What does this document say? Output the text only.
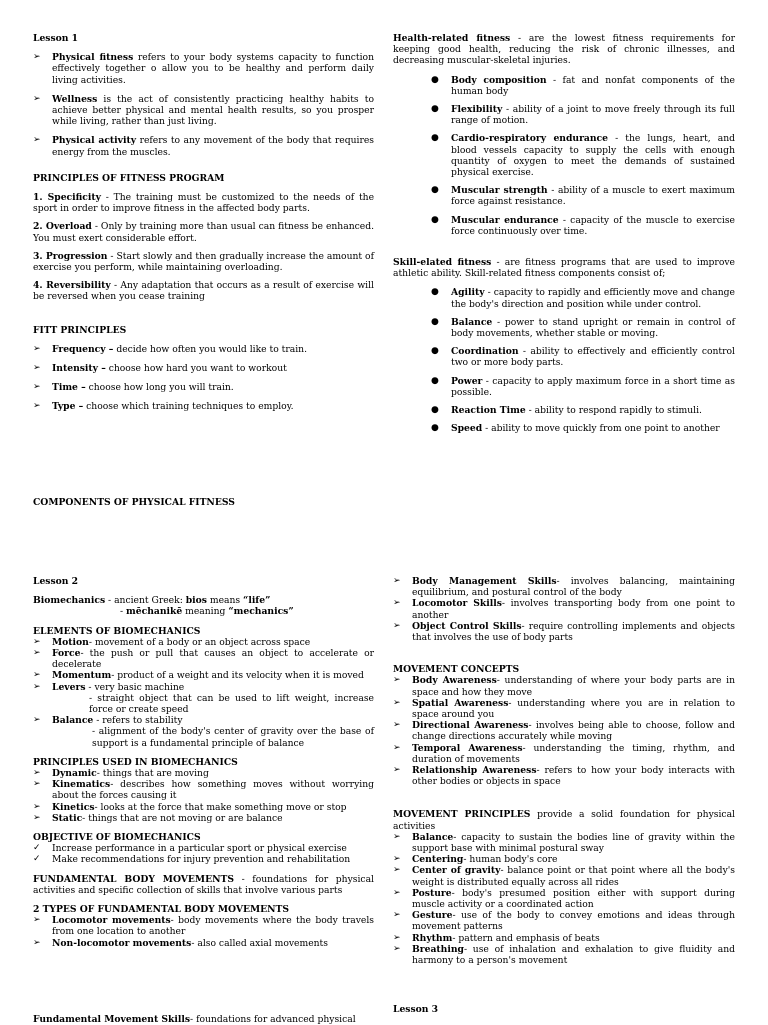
Lesson 1

➢ Physical fitness refers to your body systems capacity to function effectively together o allow you to be healthy and perform daily living activities.
➢ Wellness is the act of consistently practicing healthy habits to achieve better physical and mental health results, so you prosper while living, rather than just living.
➢ Physical activity refers to any movement of the body that requires energy from the muscles.

PRINCIPLES OF FITNESS PROGRAM

1. Specificity - The training must be customized to the needs of the sport in order to improve fitness in the affected body parts.

2. Overload - Only by training more than usual can fitness be enhanced. You must exert considerable effort.

3. Progression - Start slowly and then gradually increase the amount of exercise you perform, while maintaining overloading.

4. Reversibility - Any adaptation that occurs as a result of exercise will be reversed when you cease training

FITT PRINCIPLES

➢ Frequency – decide how often you would like to train.
➢ Intensity – choose how hard you want to workout
➢ Time – choose how long you will train.
➢ Type – choose which training techniques to employ.

COMPONENTS OF PHYSICAL FITNESS

Health-related fitness - are the lowest fitness requirements for keeping good health, reducing the risk of chronic illnesses, and decreasing muscular-skeletal injuries.

● Body composition - fat and nonfat components of the human body
● Flexibility - ability of a joint to move freely through its full range of motion.
● Cardio-respiratory endurance - the lungs, heart, and blood vessels capacity to supply the cells with enough quantity of oxygen to meet the demands of sustained physical exercise.
● Muscular strength - ability of a muscle to exert maximum force against resistance.
● Muscular endurance - capacity of the muscle to exercise force continuously over time.

Skill-elated fitness - are fitness programs that are used to improve athletic ability. Skill-related fitness components consist of;

● Agility - capacity to rapidly and efficiently move and change the body's direction and position while under control.
● Balance - power to stand upright or remain in control of body movements, whether stable or moving.
● Coordination - ability to effectively and efficiently control two or more body parts.
● Power - capacity to apply maximum force in a short time as possible.
● Reaction Time - ability to respond rapidly to stimuli.
● Speed - ability to move quickly from one point to another

Lesson 2

Biomechanics - ancient Greek: bios means “life”

- mēchanikē meaning “mechanics”

ELEMENTS OF BIOMECHANICS

➢ Motion- movement of a body or an object across space
➢ Force- the push or pull that causes an object to accelerate or decelerate
➢ Momentum- product of a weight and its velocity when it is moved
➢ Levers - very basic machine
- straight object that can be used to lift weight, increase force or create speed
➢ Balance - refers to stability
- alignment of the body's center of gravity over the base of support is a fundamental principle of balance

PRINCIPLES USED IN BIOMECHANICS

➢ Dynamic- things that are moving
➢ Kinematics- describes how something moves without worrying about the forces causing it
➢ Kinetics- looks at the force that make something move or stop
➢ Static- things that are not moving or are balance

OBJECTIVE OF BIOMECHANICS

✓ Increase performance in a particular sport or physical exercise
✓ Make recommendations for injury prevention and rehabilitation

FUNDAMENTAL BODY MOVEMENTS - foundations for physical activities and specific collection of skills that involve various parts

2 TYPES OF FUNDAMENTAL BODY MOVEMENTS

➢ Locomotor movements- body movements where the body travels from one location to another
➢ Non-locomotor movements- also called axial movements

Fundamental Movement Skills- foundations for advanced physical

➢ Body Management Skills- involves balancing, maintaining equilibrium, and postural control of the body
➢ Locomotor Skills- involves transporting body from one point to another
➢ Object Control Skills- require controlling implements and objects that involves the use of body parts

MOVEMENT CONCEPTS

➢ Body Awareness- understanding of where your body parts are in space and how they move
➢ Spatial Awareness- understanding where you are in relation to space around you
➢ Directional Awareness- involves being able to choose, follow and change directions accurately while moving
➢ Temporal Awareness- understanding the timing, rhythm, and duration of movements
➢ Relationship Awareness- refers to how your body interacts with other bodies or objects in space

MOVEMENT PRINCIPLES provide a solid foundation for physical activities

➢ Balance- capacity to sustain the bodies line of gravity within the support base with minimal postural sway
➢ Centering- human body's core
➢ Center of gravity- balance point or that point where all the body's weight is distributed equally across all rides
➢ Posture- body's presumed position either with support during muscle activity or a coordinated action
➢ Gesture- use of the body to convey emotions and ideas through movement patterns
➢ Rhythm- pattern and emphasis of beats
➢ Breathing- use of inhalation and exhalation to give fluidity and harmony to a person's movement

Lesson 3
